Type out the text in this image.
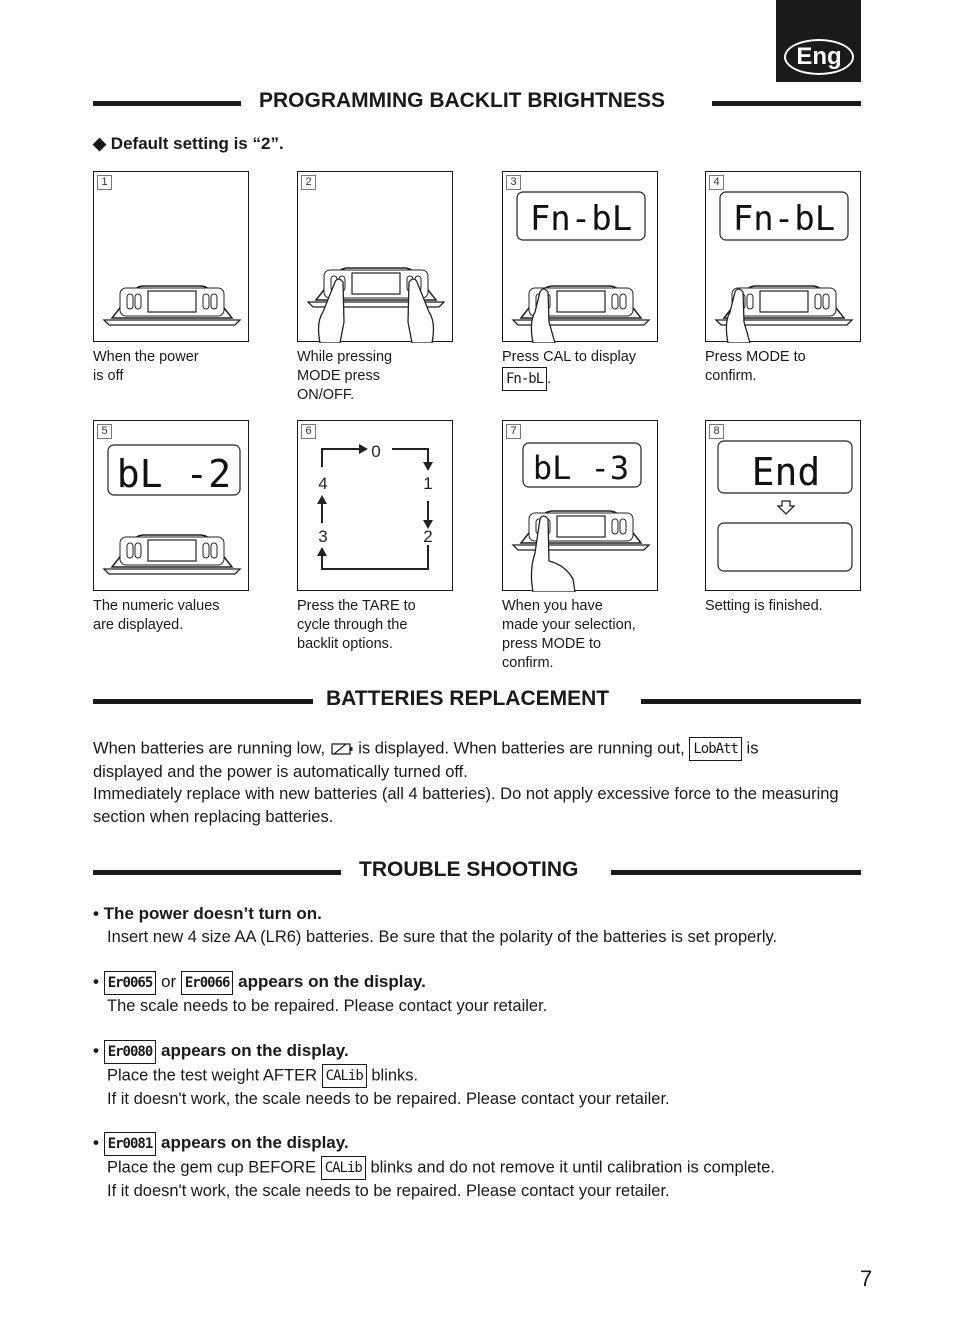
Eng
PROGRAMMING BACKLIT BRIGHTNESS
◆ Default setting is “2”.
1
When the power
is off
2
While pressing
MODE press
ON/OFF.
Fn-bL
3
Press CAL to display
Fn-bL .
Fn-bL
4
Press MODE to
confirm.
bL -2
5
The numeric values
are displayed.
0
1
2
3
4
6
Press the TARE to
cycle through the
backlit options.
bL -3
7
When you have
made your selection,
press MODE to
confirm.
End
8
Setting is finished.
BATTERIES REPLACEMENT
When batteries are running low, is displayed. When batteries are running out, LobAtt is
displayed and the power is automatically turned off.
Immediately replace with new batteries (all 4 batteries). Do not apply excessive force to the measuring section when replacing batteries.
TROUBLE SHOOTING
• The power doesn’t turn on.
Insert new 4 size AA (LR6) batteries. Be sure that the polarity of the batteries is set properly.
• Er0065 or Er0066 appears on the display.
The scale needs to be repaired. Please contact your retailer.
• Er0080 appears on the display.
Place the test weight AFTER CALib blinks.
If it doesn't work, the scale needs to be repaired. Please contact your retailer.
• Er0081 appears on the display.
Place the gem cup BEFORE CALib blinks and do not remove it until calibration is complete.
If it doesn't work, the scale needs to be repaired. Please contact your retailer.
7
